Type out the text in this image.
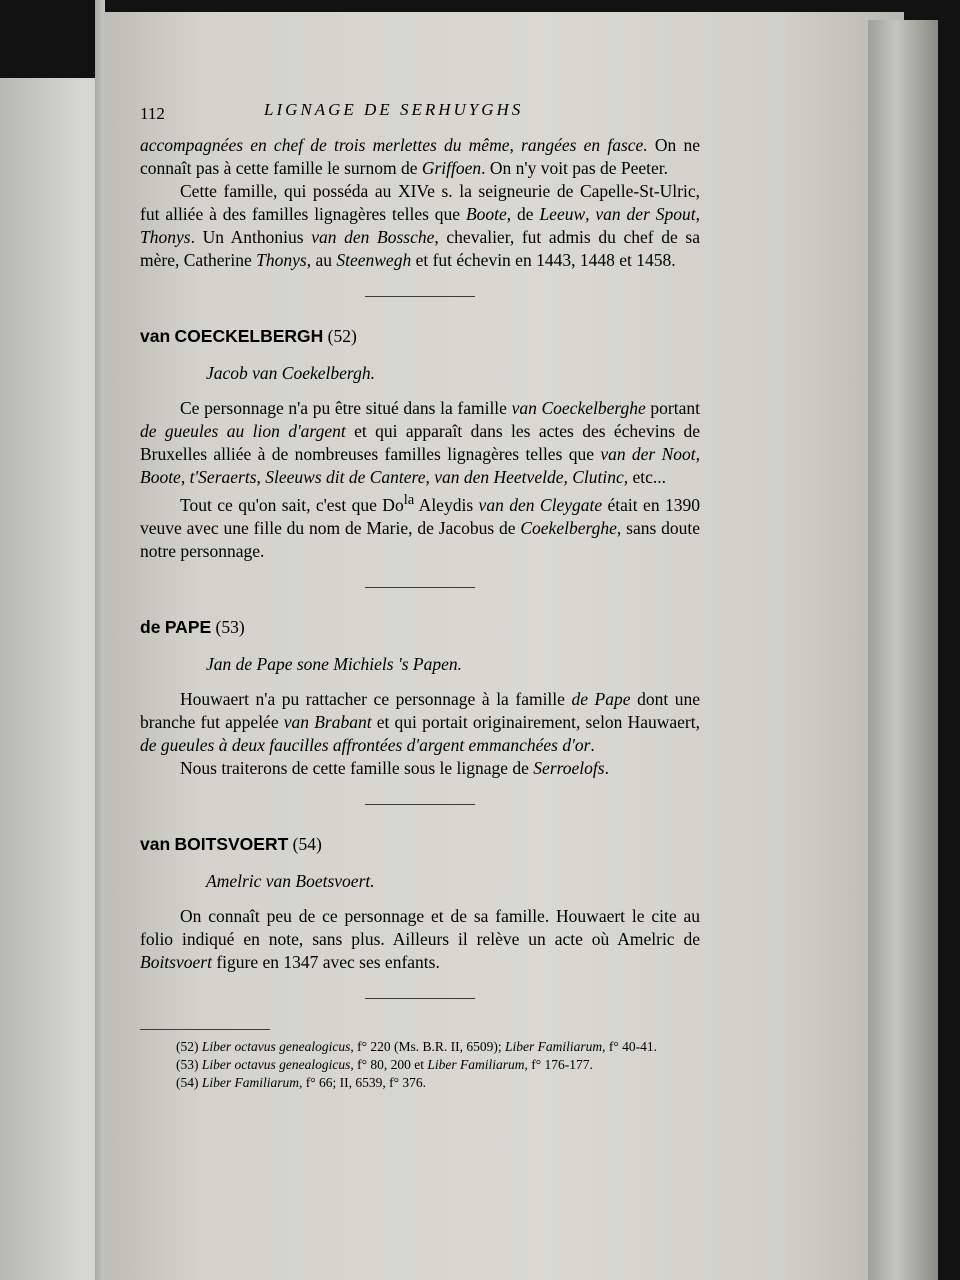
112	LIGNAGE DE SERHUYGHS

accompagnées en chef de trois merlettes du même, rangées en fasce. On ne connaît pas à cette famille le surnom de Griffoen. On n'y voit pas de Peeter.

Cette famille, qui posséda au XIVe s. la seigneurie de Capelle-St-Ulric, fut alliée à des familles lignagères telles que Boote, de Leeuw, van der Spout, Thonys. Un Anthonius van den Bossche, chevalier, fut admis du chef de sa mère, Catherine Thonys, au Steenwegh et fut échevin en 1443, 1448 et 1458.

van COECKELBERGH (52)
Jacob van Coekelbergh.

Ce personnage n'a pu être situé dans la famille van Coeckelberghe portant de gueules au lion d'argent et qui apparaît dans les actes des échevins de Bruxelles alliée à de nombreuses familles lignagères telles que van der Noot, Boote, t'Seraerts, Sleeuws dit de Cantere, van den Heetvelde, Clutinc, etc...

Tout ce qu'on sait, c'est que $Do^{la}$ Aleydis van den Cleygate était en 1390 veuve avec une fille du nom de Marie, de Jacobus de Coekelberghe, sans doute notre personnage.

de PAPE (53)
Jan de Pape sone Michiels 's Papen.

Houwaert n'a pu rattacher ce personnage à la famille de Pape dont une branche fut appelée van Brabant et qui portait originairement, selon Hauwaert, de gueules à deux faucilles affrontées d'argent emmanchées d'or.

Nous traiterons de cette famille sous le lignage de Serroelofs.

van BOITSVOERT (54)
Amelric van Boetsvoert.

On connaît peu de ce personnage et de sa famille. Houwaert le cite au folio indiqué en note, sans plus. Ailleurs il relève un acte où Amelric de Boitsvoert figure en 1347 avec ses enfants.

(52) Liber octavus genealogicus, f° 220 (Ms. B.R. II, 6509); Liber Familiarum, f° 40-41.

(53) Liber octavus genealogicus, f° 80, 200 et Liber Familiarum, f° 176-177.

(54) Liber Familiarum, f° 66; II, 6539, f° 376.
